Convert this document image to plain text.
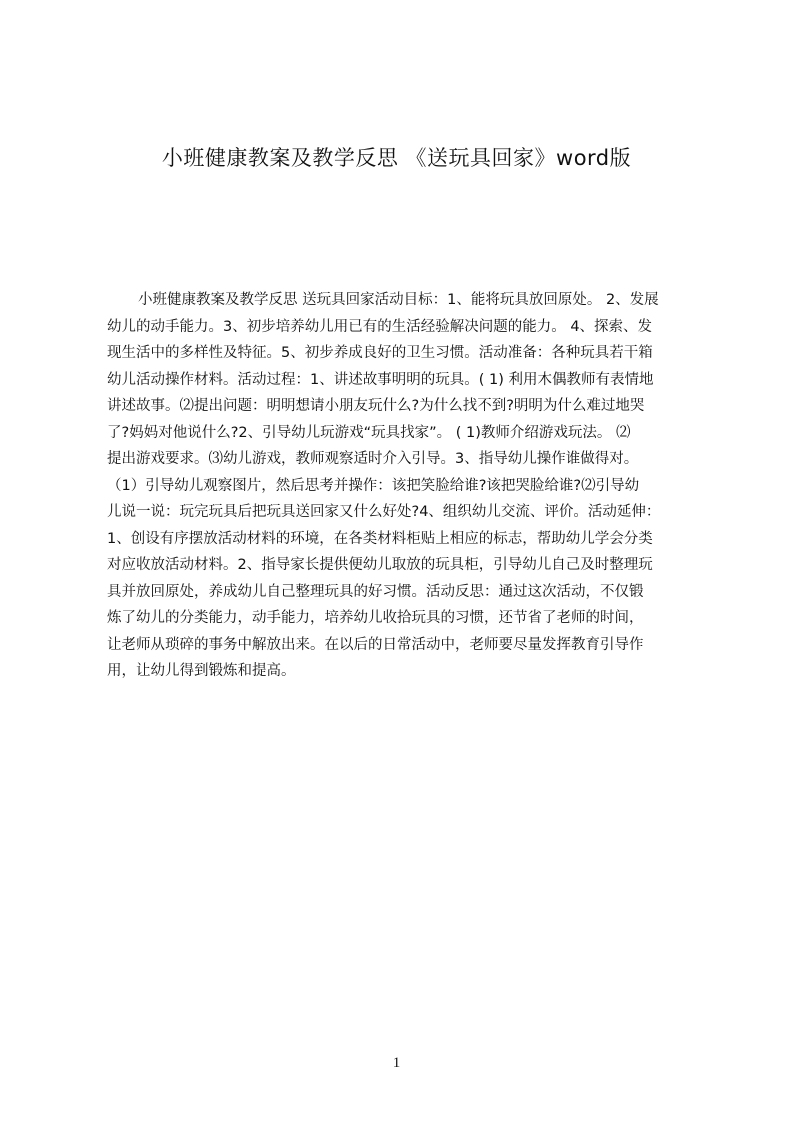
小班健康教案及教学反思 《送玩具回家》word版
小班健康教案及教学反思 送玩具回家活动目标：1、能将玩具放回原处。 2、发展
幼儿的动手能力。3、初步培养幼儿用已有的生活经验解决问题的能力。 4、探索、发
现生活中的多样性及特征。5、初步养成良好的卫生习惯。活动准备：各种玩具若干箱
幼儿活动操作材料。活动过程：1、讲述故事明明的玩具。( 1) 利用木偶教师有表情地
讲述故事。⑵提出问题：明明想请小朋友玩什么?为什么找不到?明明为什么难过地哭
了?妈妈对他说什么?2、引导幼儿玩游戏“玩具找家”。 ( 1)教师介绍游戏玩法。 ⑵
提出游戏要求。⑶幼儿游戏，教师观察适时介入引导。3、指导幼儿操作谁做得对。
（1）引导幼儿观察图片，然后思考并操作：该把笑脸给谁?该把哭脸给谁?⑵引导幼
儿说一说：玩完玩具后把玩具送回家又什么好处?4、组织幼儿交流、评价。活动延伸：
1、创设有序摆放活动材料的环境，在各类材料柜贴上相应的标志，帮助幼儿学会分类
对应收放活动材料。2、指导家长提供便幼儿取放的玩具柜，引导幼儿自己及时整理玩
具并放回原处，养成幼儿自己整理玩具的好习惯。活动反思：通过这次活动，不仅锻
炼了幼儿的分类能力，动手能力，培养幼儿收拾玩具的习惯，还节省了老师的时间，
让老师从琐碎的事务中解放出来。在以后的日常活动中，老师要尽量发挥教育引导作
用，让幼儿得到锻炼和提高。
1
